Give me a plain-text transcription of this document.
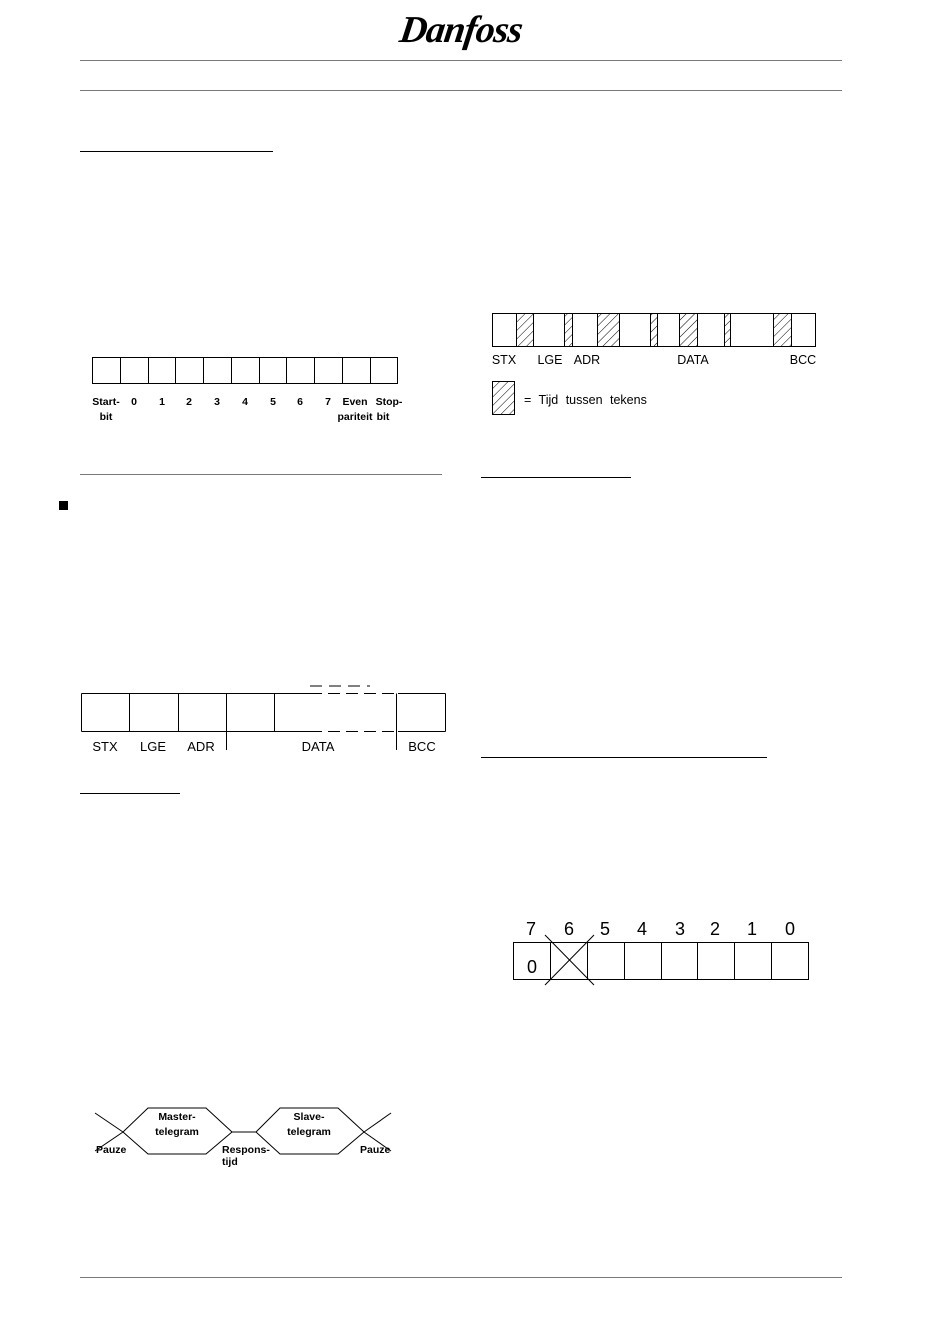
Danfoss
Start- 0 1 2 3 4 5 6 7 Even Stop-
bit	pariteit bit
STX LGE ADR	DATA	BCC
Master-
telegram
Slave-
telegram
Pauze	Respons-
tijd
Pauze
STX LGE ADR	DATA	BCC
= Tijd tussen tekens
7 6 5 4 3 2 1 0
0
